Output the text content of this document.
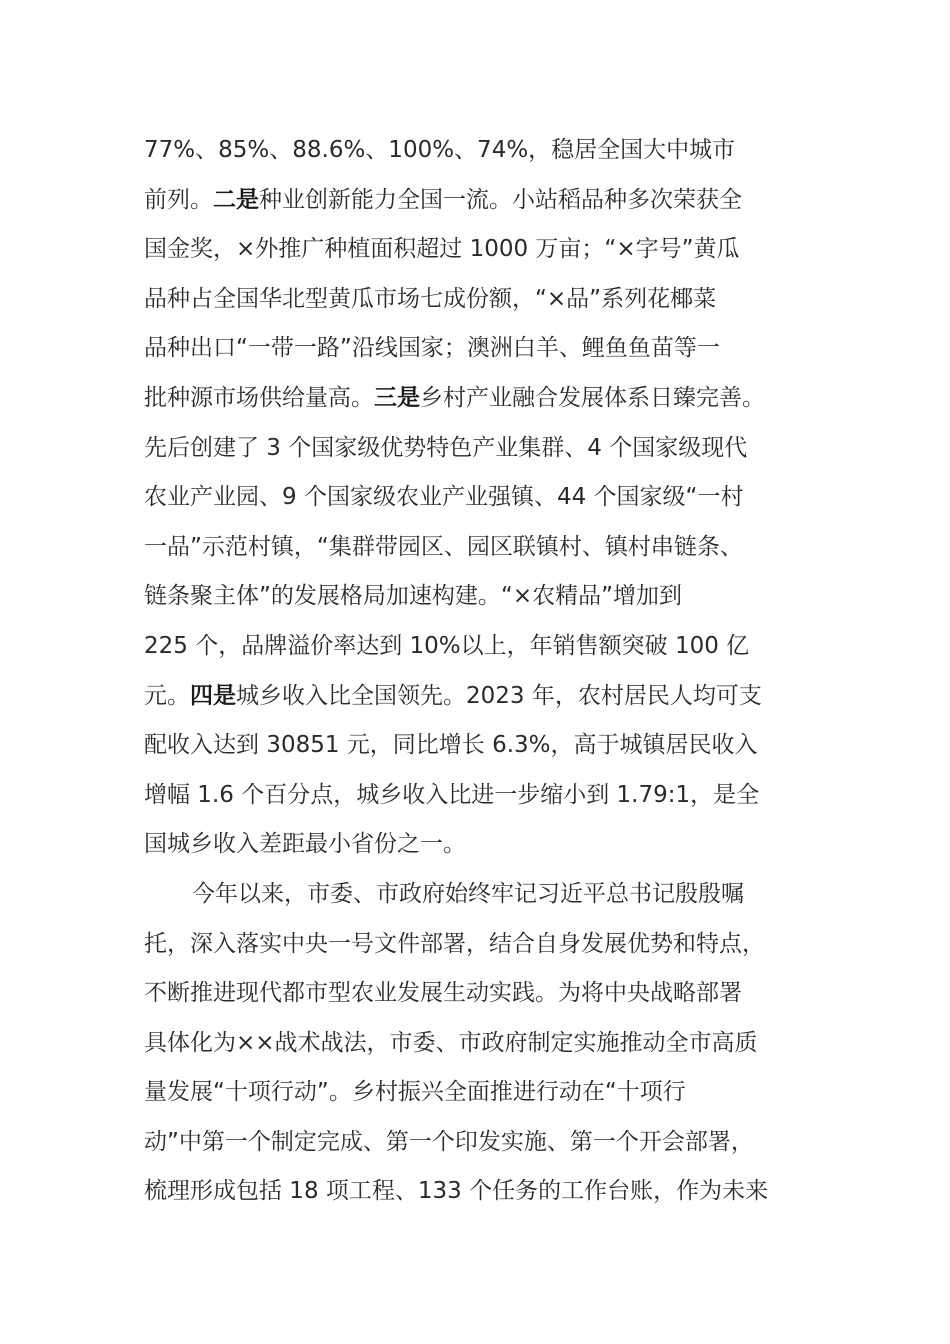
77%、85%、88.6%、100%、74%，稳居全国大中城市
前列。二是种业创新能力全国一流。小站稻品种多次荣获全
国金奖，×外推广种植面积超过 1000 万亩；“×字号”黄瓜
品种占全国华北型黄瓜市场七成份额，“×品”系列花椰菜
品种出口“一带一路”沿线国家；澳洲白羊、鲤鱼鱼苗等一
批种源市场供给量高。三是乡村产业融合发展体系日臻完善。
先后创建了 3 个国家级优势特色产业集群、4 个国家级现代
农业产业园、9 个国家级农业产业强镇、44 个国家级“一村
一品”示范村镇，“集群带园区、园区联镇村、镇村串链条、
链条聚主体”的发展格局加速构建。“×农精品”增加到
225 个，品牌溢价率达到 10%以上，年销售额突破 100 亿
元。四是城乡收入比全国领先。2023 年，农村居民人均可支
配收入达到 30851 元，同比增长 6.3%，高于城镇居民收入
增幅 1.6 个百分点，城乡收入比进一步缩小到 1.79:1，是全
国城乡收入差距最小省份之一。
今年以来，市委、市政府始终牢记习近平总书记殷殷嘱
托，深入落实中央一号文件部署，结合自身发展优势和特点，
不断推进现代都市型农业发展生动实践。为将中央战略部署
具体化为××战术战法，市委、市政府制定实施推动全市高质
量发展“十项行动”。乡村振兴全面推进行动在“十项行
动”中第一个制定完成、第一个印发实施、第一个开会部署，
梳理形成包括 18 项工程、133 个任务的工作台账，作为未来
